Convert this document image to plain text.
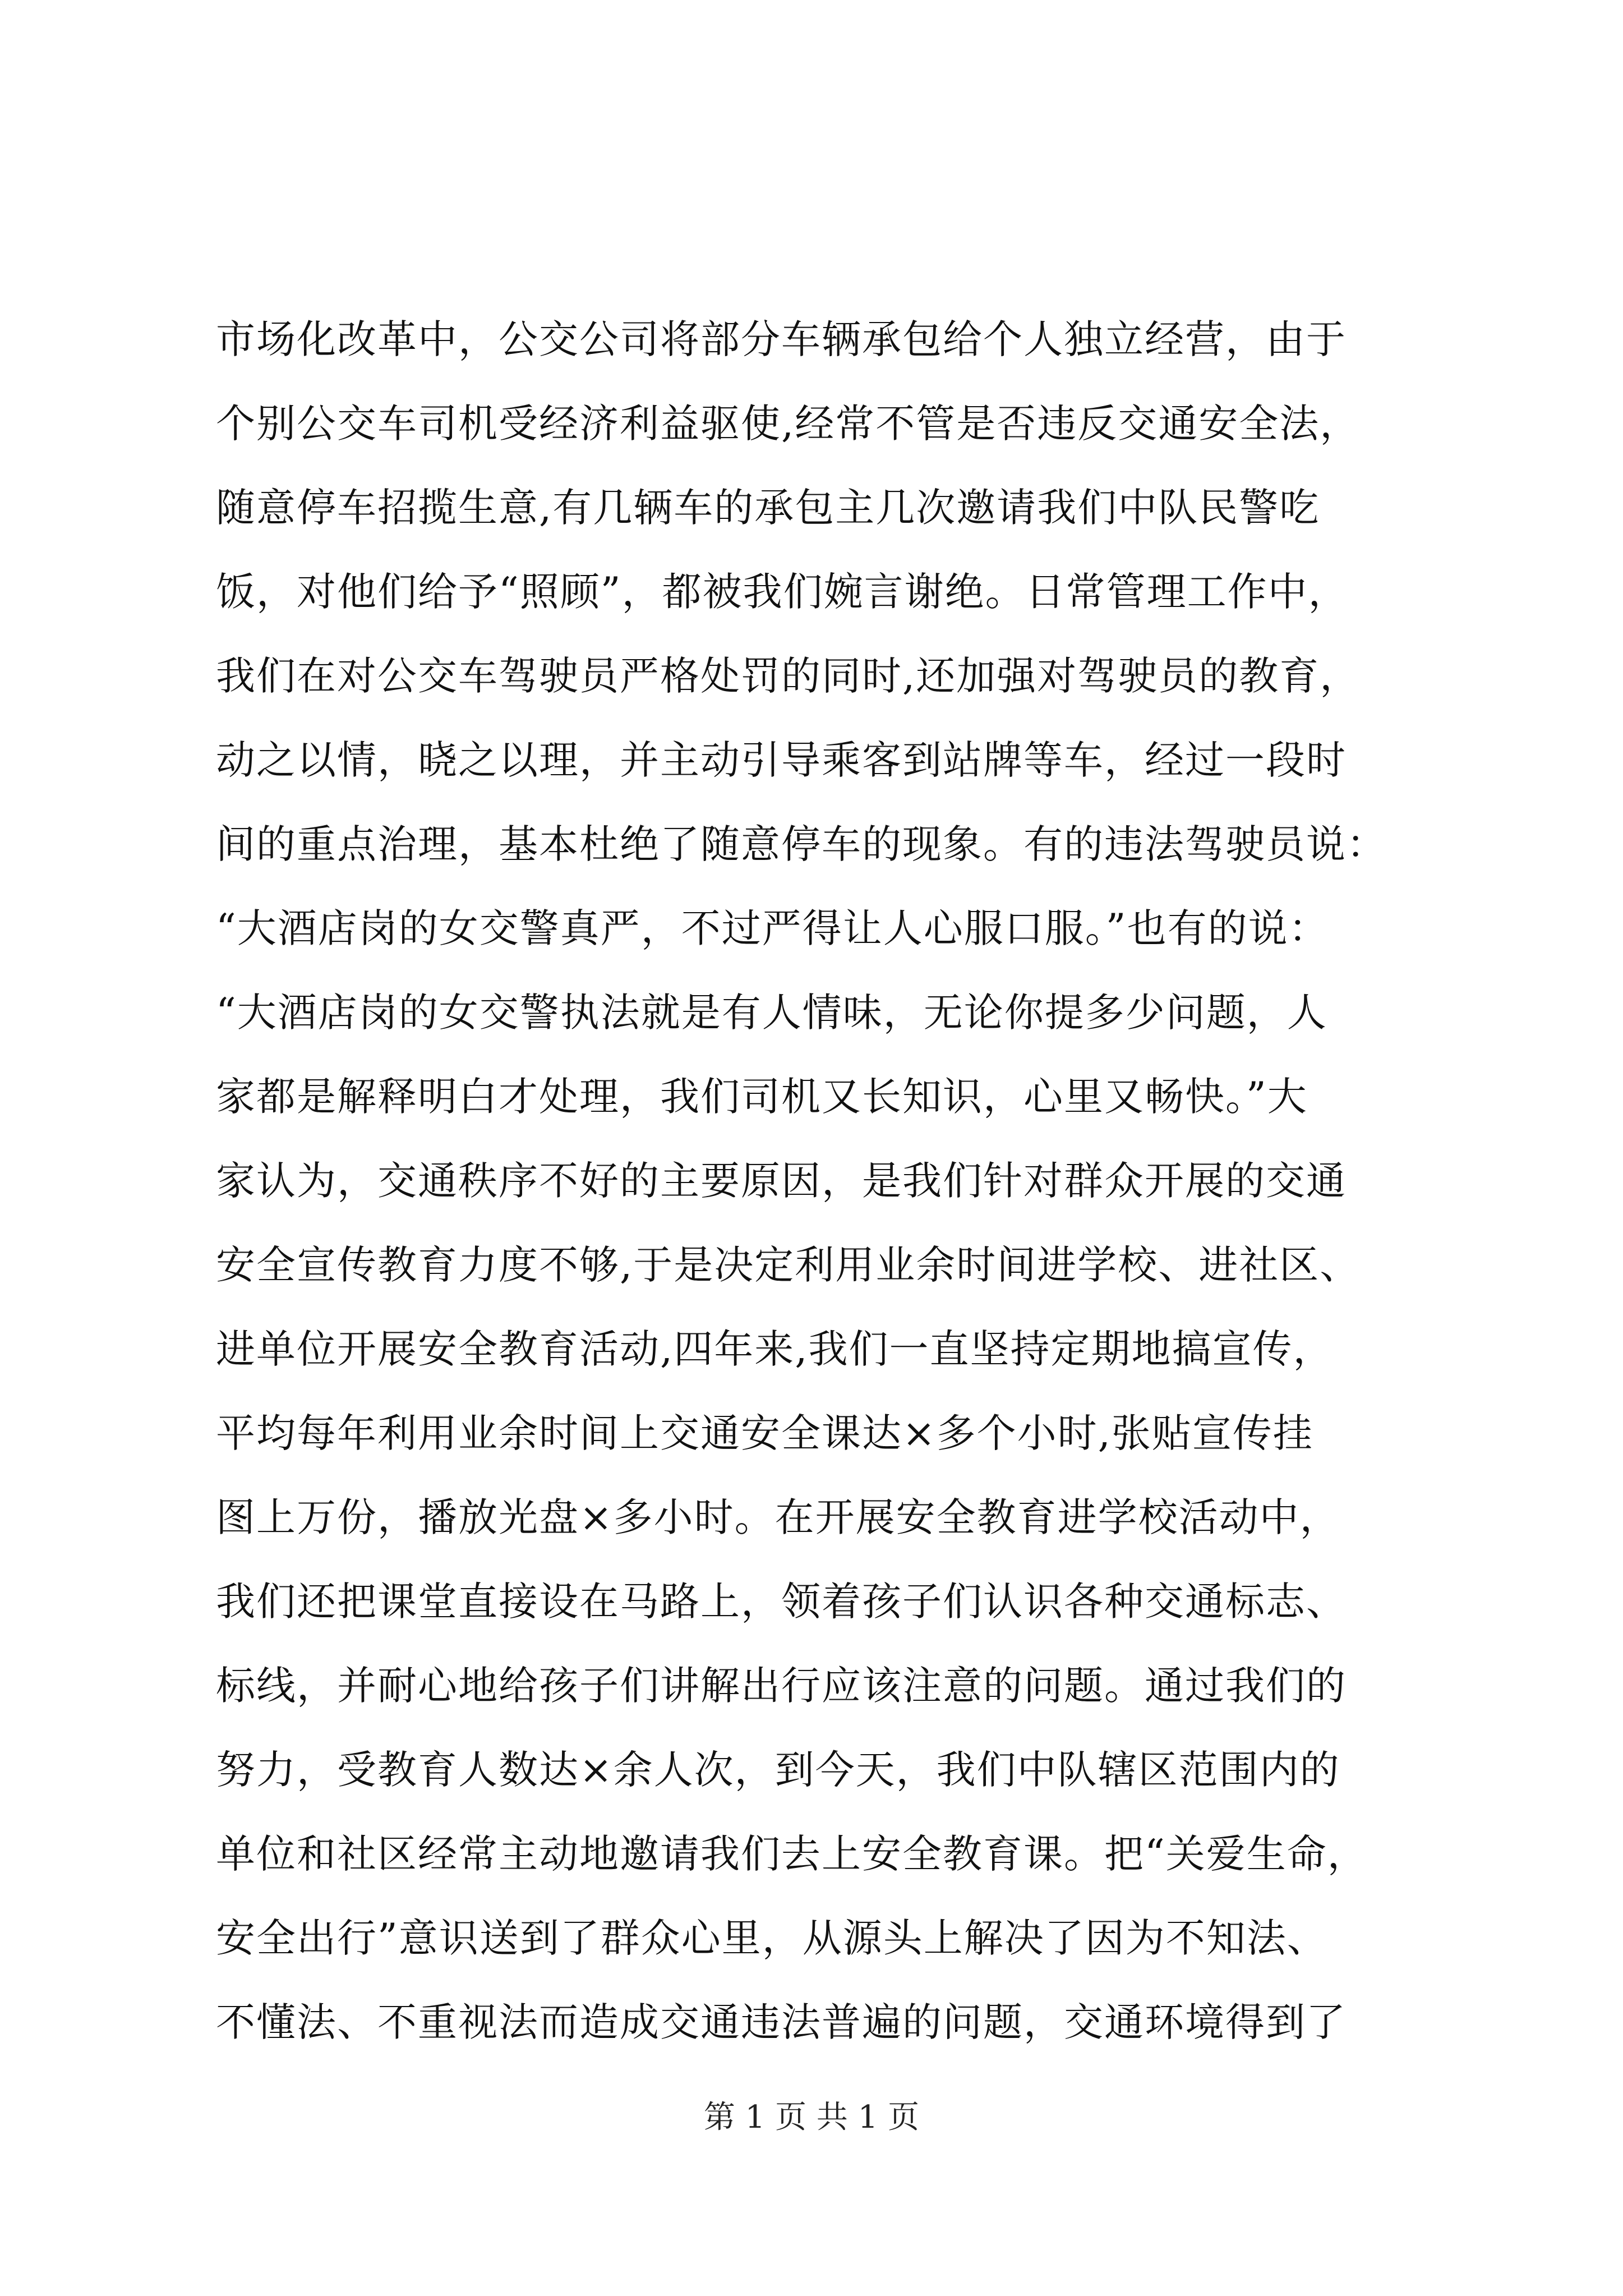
市场化改革中，公交公司将部分车辆承包给个人独立经营，由于
个别公交车司机受经济利益驱使,经常不管是否违反交通安全法，
随意停车招揽生意,有几辆车的承包主几次邀请我们中队民警吃
饭，对他们给予“照顾”，都被我们婉言谢绝。日常管理工作中，
我们在对公交车驾驶员严格处罚的同时,还加强对驾驶员的教育，
动之以情，晓之以理，并主动引导乘客到站牌等车，经过一段时
间的重点治理，基本杜绝了随意停车的现象。有的违法驾驶员说：
“大酒店岗的女交警真严，不过严得让人心服口服。”也有的说：
“大酒店岗的女交警执法就是有人情味，无论你提多少问题，人
家都是解释明白才处理，我们司机又长知识，心里又畅快。”大
家认为，交通秩序不好的主要原因，是我们针对群众开展的交通
安全宣传教育力度不够,于是决定利用业余时间进学校、进社区、
进单位开展安全教育活动,四年来,我们一直坚持定期地搞宣传，
平均每年利用业余时间上交通安全课达×多个小时,张贴宣传挂
图上万份，播放光盘×多小时。在开展安全教育进学校活动中，
我们还把课堂直接设在马路上，领着孩子们认识各种交通标志、
标线，并耐心地给孩子们讲解出行应该注意的问题。通过我们的
努力，受教育人数达×余人次，到今天，我们中队辖区范围内的
单位和社区经常主动地邀请我们去上安全教育课。把“关爱生命，
安全出行”意识送到了群众心里，从源头上解决了因为不知法、
不懂法、不重视法而造成交通违法普遍的问题，交通环境得到了
第 1 页 共 1 页
